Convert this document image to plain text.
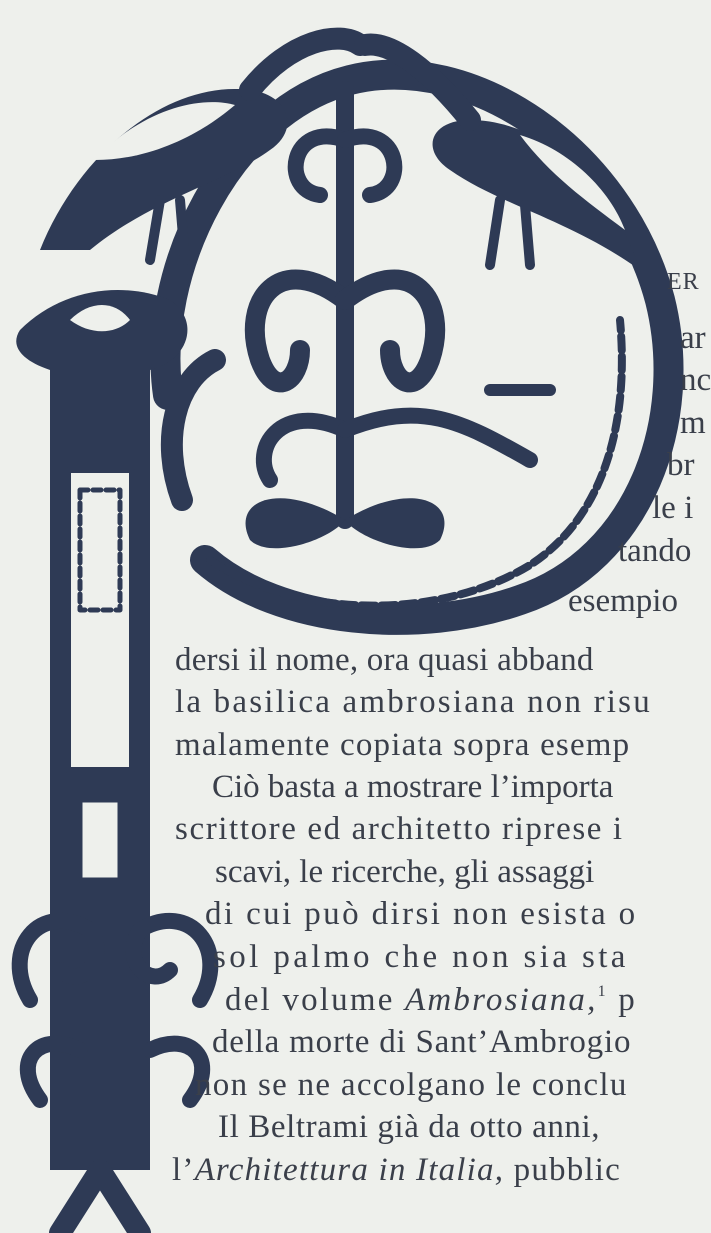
ER
ar
nc
m
br
le i
tando
esempio
dersi il nome, ora quasi abband
la basilica ambrosiana non risu
malamente copiata sopra esemp
Ciò basta a mostrare l’importa
scrittore ed architetto riprese i
scavi, le ricerche, gli assaggi
di cui può dirsi non esista o
sol palmo che non sia sta
del volume Ambrosiana,$^1$ p
della morte di Sant’Ambrogio
non se ne accolgano le conclu
Il Beltrami già da otto anni,
l’Architettura in Italia, pubblic
